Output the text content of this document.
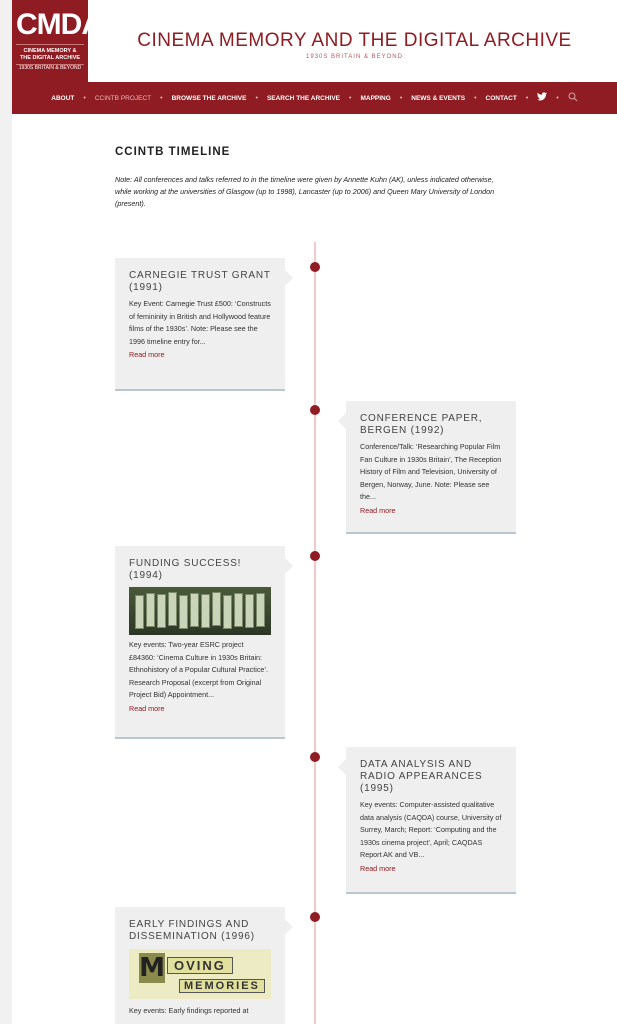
CMDA
CINEMA MEMORY &
THE DIGITAL ARCHIVE
1930S BRITAIN & BEYOND
CINEMA MEMORY AND THE DIGITAL ARCHIVE
1930S BRITAIN & BEYOND
ABOUT	•	CCINTB PROJECT	•	BROWSE THE ARCHIVE	•	SEARCH THE ARCHIVE	•	MAPPING	•	NEWS & EVENTS	•	CONTACT	•	•
CCINTB TIMELINE

Note: All conferences and talks referred to in the timeline were given by Annette Kuhn (AK), unless indicated otherwise, while working at the universities of Glasgow (up to 1998), Lancaster (up to 2006) and Queen Mary University of London (present).

CARNEGIE TRUST GRANT (1991)
Key Event: Carnegie Trust £500: ‘Constructs of femininity in British and Hollywood feature films of the 1930s’. Note: Please see the 1996 timeline entry for...
Read more
CONFERENCE PAPER, BERGEN (1992)
Conference/Talk: ‘Researching Popular Film Fan Culture in 1930s Britain’, The Reception History of Film and Television, University of Bergen, Norway, June. Note: Please see the...
Read more
FUNDING SUCCESS! (1994)
Key events: Two-year ESRC project £84360: ‘Cinema Culture in 1930s Britain: Ethnohistory of a Popular Cultural Practice’. Research Proposal (excerpt from Original Project Bid) Appointment...
Read more
DATA ANALYSIS AND RADIO APPEARANCES (1995)
Key events: Computer-assisted qualitative data analysis (CAQDA) course, University of Surrey, March; Report: ‘Computing and the 1930s cinema project’, April; CAQDAS Report AK and VB...
Read more
EARLY FINDINGS AND DISSEMINATION (1996)
M OVING
MEMORIES
Key events: Early findings reported at
